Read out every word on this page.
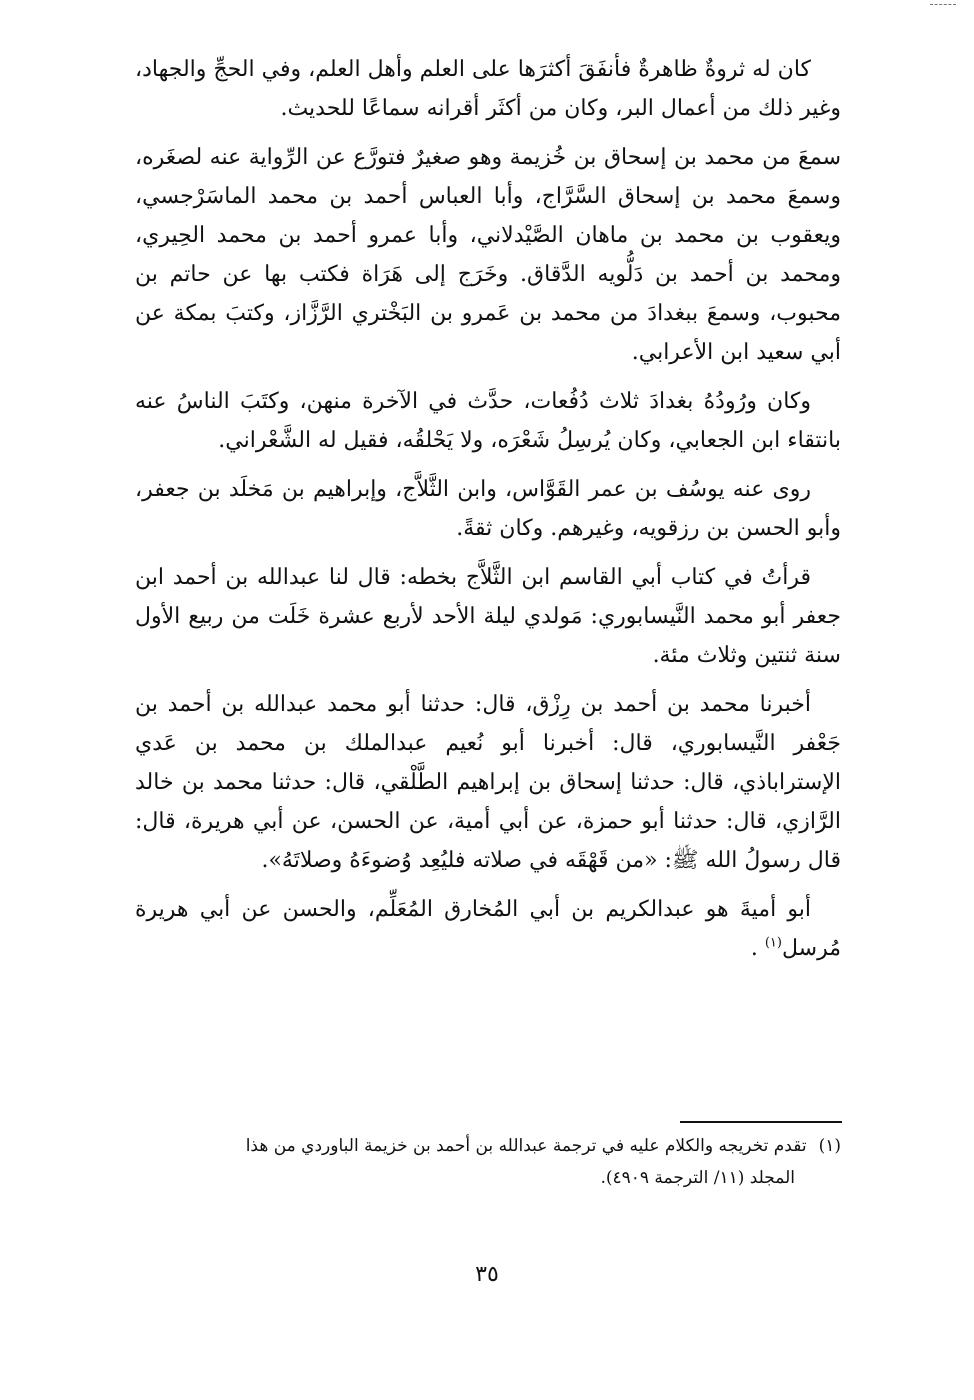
كان له ثروةٌ ظاهرةٌ فأنفَقَ أكثرَها على العلم وأهل العلم، وفي الحجِّ والجهاد، وغير ذلك من أعمال البر، وكان من أكثَر أقرانه سماعًا للحديث.

سمعَ من محمد بن إسحاق بن خُزيمة وهو صغيرٌ فتورَّع عن الرِّواية عنه لصغَره، وسمعَ محمد بن إسحاق السَّرَّاج، وأبا العباس أحمد بن محمد الماسَرْجسي، ويعقوب بن محمد بن ماهان الصَّيْدلاني، وأبا عمرو أحمد بن محمد الحِيري، ومحمد بن أحمد بن دَلُّويه الدَّقاق. وخَرَج إلى هَرَاة فكتب بها عن حاتم بن محبوب، وسمعَ ببغدادَ من محمد بن عَمرو بن البَخْتري الرَّزَّاز، وكتبَ بمكة عن أبي سعيد ابن الأعرابي.

وكان ورُودُهُ بغدادَ ثلاث دُفُعات، حدَّث في الآخرة منهن، وكتَبَ الناسُ عنه بانتقاء ابن الجعابي، وكان يُرسِلُ شَعْرَه، ولا يَحْلقُه، فقيل له الشَّعْراني.

روى عنه يوسُف بن عمر القَوَّاس، وابن الثَّلاَّج، وإبراهيم بن مَخلَد بن جعفر، وأبو الحسن بن رزقويه، وغيرهم. وكان ثقةً.

قرأتُ في كتاب أبي القاسم ابن الثَّلاَّج بخطه: قال لنا عبدالله بن أحمد ابن جعفر أبو محمد النَّيسابوري: مَولدي ليلة الأحد لأربع عشرة خَلَت من ربيع الأول سنة ثنتين وثلاث مئة.

أخبرنا محمد بن أحمد بن رِزْق، قال: حدثنا أبو محمد عبدالله بن أحمد بن جَعْفر النَّيسابوري، قال: أخبرنا أبو نُعيم عبدالملك بن محمد بن عَدي الإستراباذي، قال: حدثنا إسحاق بن إبراهيم الطَّلْقي، قال: حدثنا محمد بن خالد الرَّازي، قال: حدثنا أبو حمزة، عن أبي أمية، عن الحسن، عن أبي هريرة، قال: قال رسولُ الله ﷺ: «من قَهْقَه في صلاته فليُعِد وُضوءَهُ وصلاتَهُ».

أبو أميةَ هو عبدالكريم بن أبي المُخارق المُعَلِّم، والحسن عن أبي هريرة مُرسل$^{(١)}$ .

(١)تقدم تخريجه والكلام عليه في ترجمة عبدالله بن أحمد بن خزيمة الباوردي من هذا

المجلد (١١/ الترجمة ٤٩٠٩).

٣٥
